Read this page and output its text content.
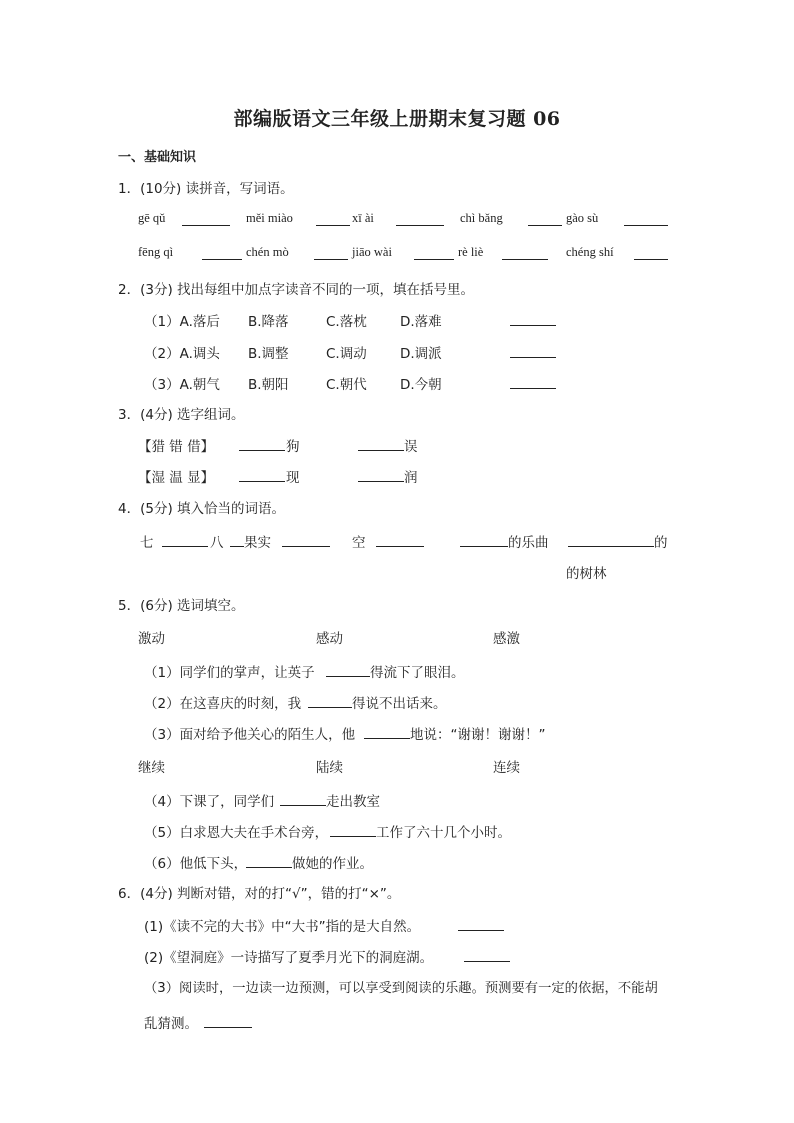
部编版语文三年级上册期末复习题 06
一、基础知识
1．(10分) 读拼音，写词语。
gē qǔ	měi miào	xī ài	chì bǎng	gào sù
fēng qì	chén mò	jiāo wài	rè liè	chéng shí
2．(3分) 找出每组中加点字读音不同的一项，填在括号里。
（1）A.落后 B.降落	C.落枕 D.落难
（2）A.调头 B.调整	C.调动 D.调派
（3）A.朝气 B.朝阳	C.朝代 D.今朝
3．(4分) 选字组词。
【猎 错 借】	狗	误
【湿 温 显】	现	润
4．(5分) 填入恰当的词语。
七	八 果实	空	的乐曲	的
的树林
5．(6分) 选词填空。
激动	感动	感激
（1）同学们的掌声，让英子	得流下了眼泪。
（2）在这喜庆的时刻，我	得说不出话来。
（3）面对给予他关心的陌生人，他	地说：“谢谢！谢谢！”
继续	陆续	连续
（4）下课了，同学们	走出教室
（5）白求恩大夫在手术台旁，	工作了六十几个小时。
（6）他低下头，	做她的作业。
6．(4分) 判断对错，对的打“√”，错的打“×”。
(1)《读不完的大书》中“大书”指的是大自然。
(2)《望洞庭》一诗描写了夏季月光下的洞庭湖。
（3）阅读时，一边读一边预测，可以享受到阅读的乐趣。预测要有一定的依据，不能胡
乱猜测。
